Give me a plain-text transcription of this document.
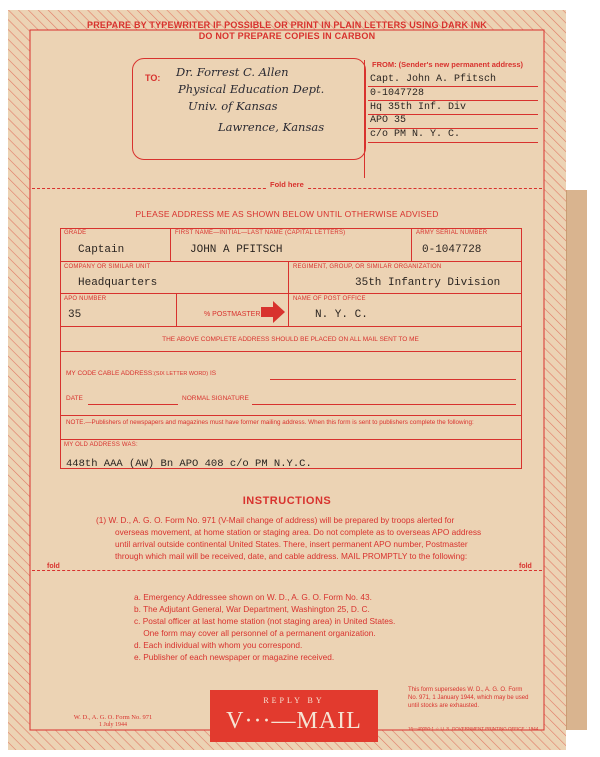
PREPARE BY TYPEWRITER IF POSSIBLE OR PRINT IN PLAIN LETTERS USING DARK INK
DO NOT PREPARE COPIES IN CARBON
TO: Dr. Forrest C. Allen
Physical Education Dept.
Univ. of Kansas
Lawrence, Kansas
FROM: (Sender's new permanent address)
Capt. John A. Pfitsch
0-1047728
Hq 35th Inf. Div
APO 35
c/o PM N. Y. C.
Fold here
PLEASE ADDRESS ME AS SHOWN BELOW UNTIL OTHERWISE ADVISED
GRADE
Captain
FIRST NAME—INITIAL—LAST NAME (CAPITAL LETTERS)
JOHN A PFITSCH
ARMY SERIAL NUMBER
0-1047728
COMPANY OR SIMILAR UNIT
Headquarters
REGIMENT, GROUP, OR SIMILAR ORGANIZATION
35th Infantry Division
APO NUMBER
35	% POSTMASTER
NAME OF POST OFFICE
N. Y. C.
THE ABOVE COMPLETE ADDRESS SHOULD BE PLACED ON ALL MAIL SENT TO ME
MY CODE CABLE ADDRESS:(SIX LETTER WORD) IS
DATE	NORMAL SIGNATURE
NOTE.—Publishers of newspapers and magazines must have former mailing address. When this form is sent to publishers complete the following:
MY OLD ADDRESS WAS:
448th AAA (AW) Bn APO 408 c/o PM N.Y.C.
INSTRUCTIONS
(1) W. D., A. G. O. Form No. 971 (V-Mail change of address) will be prepared by troops alerted for
overseas movement, at home station or staging area. Do not complete as to overseas APO address
until arrival outside continental United States. There, insert permanent APO number, Postmaster
through which mail will be received, date, and cable address. MAIL PROMPTLY to the following:
fold	fold
a. Emergency Addressee shown on W. D., A. G. O. Form No. 43.
b. The Adjutant General, War Department, Washington 25, D. C.
c. Postal officer at last home station (not staging area) in United States.
One form may cover all personnel of a permanent organization.
d. Each individual with whom you correspond.
e. Publisher of each newspaper or magazine received.
W. D., A. G. O. Form No. 971
1 July 1944
REPLY BY
V···—MAIL
This form supersedes W. D., A. G. O. Form
No. 971, 1 January 1944, which may be used
until stocks are exhausted.
16—40050-1 ☆ U. S. GOVERNMENT PRINTING OFFICE : 1944
